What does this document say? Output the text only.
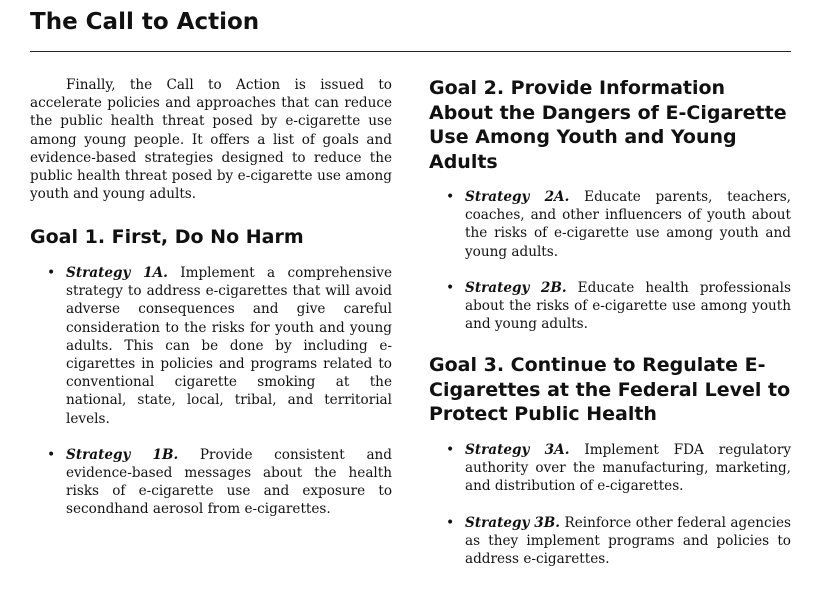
The Call to Action

Finally, the Call to Action is issued to accelerate policies and approaches that can reduce the public health threat posed by e-cigarette use among young people. It offers a list of goals and evidence-based strategies designed to reduce the public health threat posed by e-cigarette use among youth and young adults.

Goal 1. First, Do No Harm
• Strategy 1A. Implement a comprehensive strategy to address e-cigarettes that will avoid adverse consequences and give careful consideration to the risks for youth and young adults. This can be done by including e-cigarettes in policies and programs related to conventional cigarette smoking at the national, state, local, tribal, and territorial levels.
• Strategy 1B. Provide consistent and evidence-based messages about the health risks of e-cigarette use and exposure to secondhand aerosol from e-cigarettes.
Goal 2. Provide Information About the Dangers of E-Cigarette Use Among Youth and Young Adults
• Strategy 2A. Educate parents, teachers, coaches, and other influencers of youth about the risks of e-cigarette use among youth and young adults.
• Strategy 2B. Educate health professionals about the risks of e-cigarette use among youth and young adults.
Goal 3. Continue to Regulate E-Cigarettes at the Federal Level to Protect Public Health
• Strategy 3A. Implement FDA regulatory authority over the manufacturing, marketing, and distribution of e-cigarettes.
• Strategy 3B. Reinforce other federal agencies as they implement programs and policies to address e-cigarettes.
